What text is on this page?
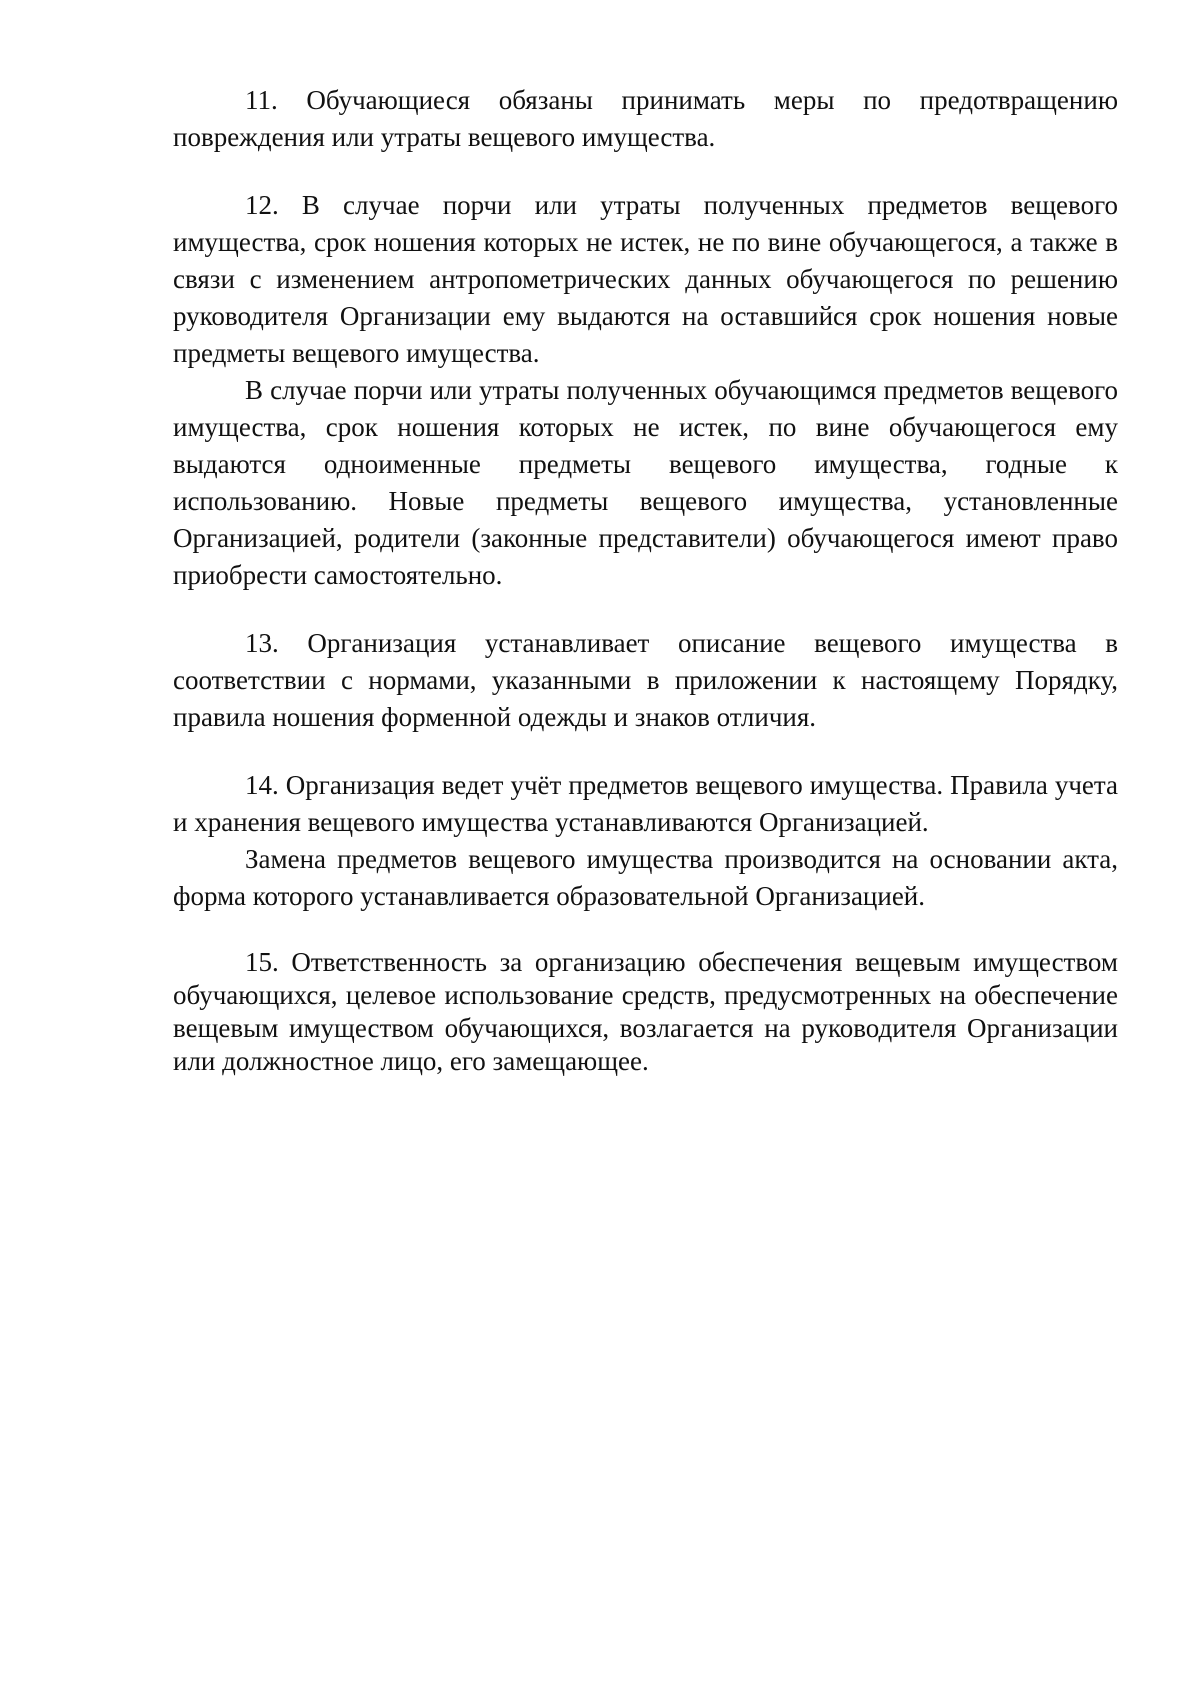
11. Обучающиеся обязаны принимать меры по предотвращению повреждения или утраты вещевого имущества.

12. В случае порчи или утраты полученных предметов вещевого имущества, срок ношения которых не истек, не по вине обучающегося, а также в связи с изменением антропометрических данных обучающегося по решению руководителя Организации ему выдаются на оставшийся срок ношения новые предметы вещевого имущества.

В случае порчи или утраты полученных обучающимся предметов вещевого имущества, срок ношения которых не истек, по вине обучающегося ему выдаются одноименные предметы вещевого имущества, годные к использованию. Новые предметы вещевого имущества, установленные Организацией, родители (законные представители) обучающегося имеют право приобрести самостоятельно.

13. Организация устанавливает описание вещевого имущества в соответствии с нормами, указанными в приложении к настоящему Порядку, правила ношения форменной одежды и знаков отличия.

14. Организация ведет учёт предметов вещевого имущества. Правила учета и хранения вещевого имущества устанавливаются Организацией.

Замена предметов вещевого имущества производится на основании акта, форма которого устанавливается образовательной Организацией.

15. Ответственность за организацию обеспечения вещевым имуществом обучающихся, целевое использование средств, предусмотренных на обеспечение вещевым имуществом обучающихся, возлагается на руководителя Организации или должностное лицо, его замещающее.
